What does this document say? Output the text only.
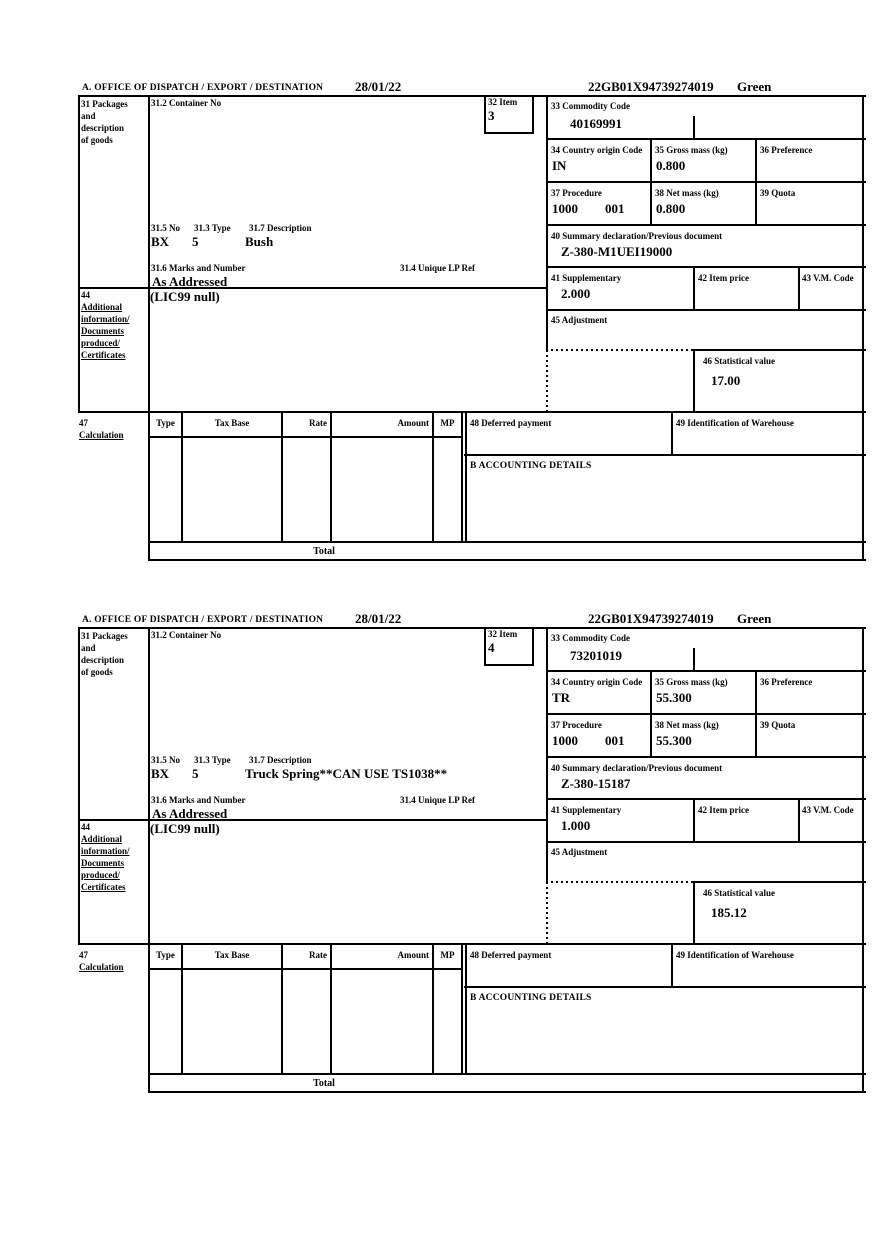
A. OFFICE OF DISPATCH / EXPORT / DESTINATION 28/01/22	22GB01X94739274019 Green
31 Packages
and
description
of goods
31.2 Container No	32 Item
3
33 Commodity Code
40169991
34 Country origin Code
IN
35 Gross mass (kg)
0.800
36 Preference
37 Procedure
1000 001
38 Net mass (kg)
0.800
39 Quota
40 Summary declaration/Previous document
Z-380-M1UEI19000
41 Supplementary
2.000
42 Item price	43 V.M. Code
45 Adjustment
46 Statistical value
17.00
31.5 No 31.3 Type 31.7 Description
BX 5	Bush
31.6 Marks and Number	31.4 Unique LP Ref
As Addressed
44
Additional
information/
Documents
produced/
Certificates
(LIC99 null)
47
Calculation
Type	Tax Base	Rate	Amount	MP	48 Deferred payment	49 Identification of Warehouse
B ACCOUNTING DETAILS
Total
A. OFFICE OF DISPATCH / EXPORT / DESTINATION 28/01/22	22GB01X94739274019 Green
31 Packages
and
description
of goods
31.2 Container No	32 Item
4
33 Commodity Code
73201019
34 Country origin Code
TR
35 Gross mass (kg)
55.300
36 Preference
37 Procedure
1000 001
38 Net mass (kg)
55.300
39 Quota
40 Summary declaration/Previous document
Z-380-15187
41 Supplementary
1.000
42 Item price	43 V.M. Code
45 Adjustment
46 Statistical value
185.12
31.5 No 31.3 Type 31.7 Description
BX 5	Truck Spring**CAN USE TS1038**
31.6 Marks and Number	31.4 Unique LP Ref
As Addressed
44
Additional
information/
Documents
produced/
Certificates
(LIC99 null)
47
Calculation
Type	Tax Base	Rate	Amount	MP	48 Deferred payment	49 Identification of Warehouse
B ACCOUNTING DETAILS
Total
